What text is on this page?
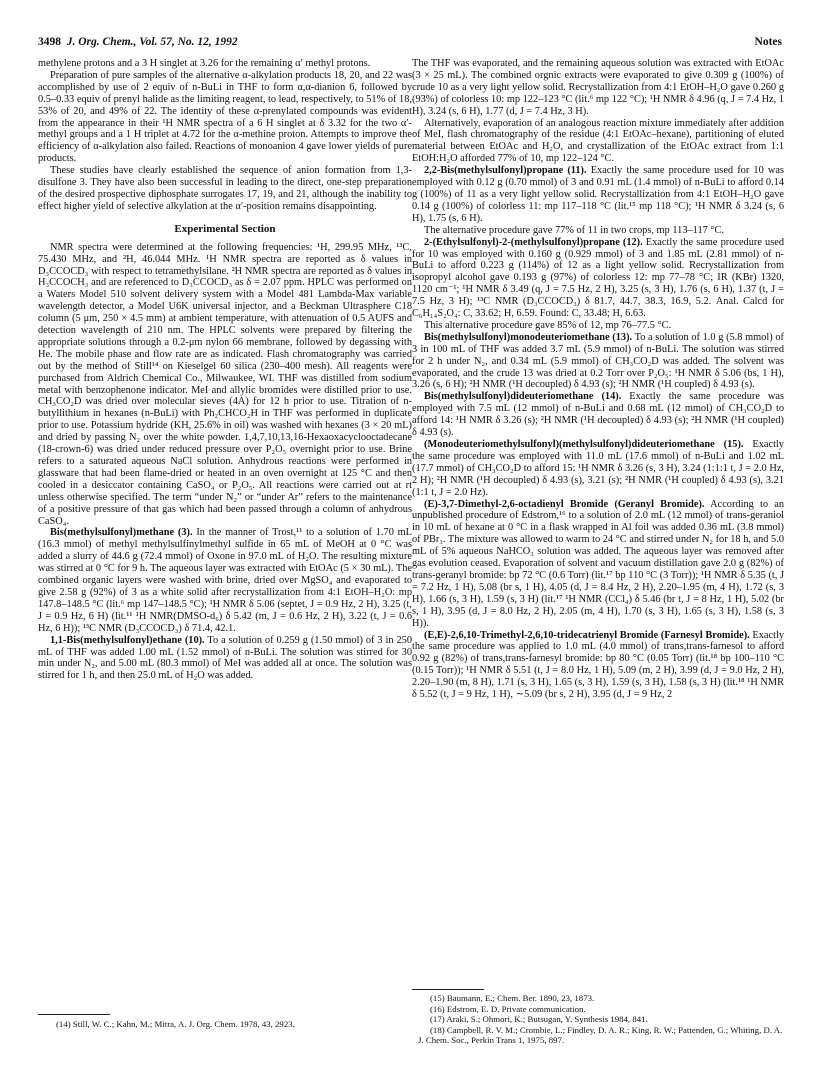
3498 J. Org. Chem., Vol. 57, No. 12, 1992	Notes

methylene protons and a 3 H singlet at 3.26 for the remaining α′ methyl protons.

Preparation of pure samples of the alternative α-alkylation products 18, 20, and 22 was accomplished by use of 2 equiv of n-BuLi in THF to form α,α-dianion 6, followed by 0.5–0.33 equiv of prenyl halide as the limiting reagent, to lead, respectively, to 51% of 18, 53% of 20, and 49% of 22. The identity of these α-prenylated compounds was evident from the appearance in their ¹H NMR spectra of a 6 H singlet at δ 3.32 for the two α′-methyl groups and a 1 H triplet at 4.72 for the α-methine proton. Attempts to improve the efficiency of α-alkylation also failed. Reactions of monoanion 4 gave lower yields of pure products.

These studies have clearly established the sequence of anion formation from 1,3-disulfone 3. They have also been successful in leading to the direct, one-step preparation of the desired prospective diphosphate surrogates 17, 19, and 21, although the inability to effect higher yield of selective alkylation at the α′-position remains disappointing.

Experimental Section

NMR spectra were determined at the following frequencies: ¹H, 299.95 MHz, ¹³C, 75.430 MHz, and ²H, 46.044 MHz. ¹H NMR spectra are reported as δ values in D₃CCOCD₃ with respect to tetramethylsilane. ²H NMR spectra are reported as δ values in H₃CCOCH₃ and are referenced to D₃CCOCD₃ as δ = 2.07 ppm. HPLC was performed on a Waters Model 510 solvent delivery system with a Model 481 Lambda-Max variable wavelength detector, a Model U6K universal injector, and a Beckman Ultrasphere C18 column (5 μm, 250 × 4.5 mm) at ambient temperature, with attenuation of 0.5 AUFS and detection wavelength of 210 nm. The HPLC solvents were prepared by filtering the appropriate solutions through a 0.2-μm nylon 66 membrane, followed by degassing with He. The mobile phase and flow rate are as indicated. Flash chromatography was carried out by the method of Still¹⁴ on Kieselgel 60 silica (230–400 mesh). All reagents were purchased from Aldrich Chemical Co., Milwaukee, WI. THF was distilled from sodium metal with benzophenone indicator. MeI and allylic bromides were distilled prior to use. CH₃CO₂D was dried over molecular sieves (4A) for 12 h prior to use. Titration of n-butyllithium in hexanes (n-BuLi) with Ph₂CHCO₂H in THF was performed in duplicate prior to use. Potassium hydride (KH, 25.6% in oil) was washed with hexanes (3 × 20 mL) and dried by passing N₂ over the white powder. 1,4,7,10,13,16-Hexaoxacyclooctadecane (18-crown-6) was dried under reduced pressure over P₂O₅ overnight prior to use. Brine refers to a saturated aqueous NaCl solution. Anhydrous reactions were performed in glassware that had been flame-dried or heated in an oven overnight at 125 °C and then cooled in a desiccator containing CaSO₄ or P₂O₅. All reactions were carried out at rt unless otherwise specified. The term “under N₂” or “under Ar” refers to the maintenance of a positive pressure of that gas which had been passed through a column of anhydrous CaSO₄.

Bis(methylsulfonyl)methane (3). In the manner of Trost,¹¹ to a solution of 1.70 mL (16.3 mmol) of methyl methylsulfinylmethyl sulfide in 65 mL of MeOH at 0 °C was added a slurry of 44.6 g (72.4 mmol) of Oxone in 97.0 mL of H₂O. The resulting mixture was stirred at 0 °C for 9 h. The aqueous layer was extracted with EtOAc (5 × 30 mL). The combined organic layers were washed with brine, dried over MgSO₄ and evaporated to give 2.58 g (92%) of 3 as a white solid after recrystallization from 4:1 EtOH–H₂O: mp 147.8–148.5 °C (lit.⁶ mp 147–148.5 °C); ¹H NMR δ 5.06 (septet, J = 0.9 Hz, 2 H), 3.25 (t, J = 0.9 Hz, 6 H) (lit.¹¹ ¹H NMR(DMSO-d₆) δ 5.42 (m, J = 0.6 Hz, 2 H), 3.22 (t, J = 0.6 Hz, 6 H)); ¹³C NMR (D₃CCOCD₃) δ 71.4, 42.1.

1,1-Bis(methylsulfonyl)ethane (10). To a solution of 0.259 g (1.50 mmol) of 3 in 250 mL of THF was added 1.00 mL (1.52 mmol) of n-BuLi. The solution was stirred for 30 min under N₂, and 5.00 mL (80.3 mmol) of MeI was added all at once. The solution was stirred for 1 h, and then 25.0 mL of H₂O was added.

The THF was evaporated, and the remaining aqueous solution was extracted with EtOAc (3 × 25 mL). The combined orgnic extracts were evaporated to give 0.309 g (100%) of crude 10 as a very light yellow solid. Recrystallization from 4:1 EtOH–H₂O gave 0.260 g (93%) of colorless 10: mp 122–123 °C (lit.⁶ mp 122 °C); ¹H NMR δ 4.96 (q, J = 7.4 Hz, 1 H), 3.24 (s, 6 H), 1.77 (d, J = 7.4 Hz, 3 H).

Alternatively, evaporation of an analogous reaction mixture immediately after addition of MeI, flash chromatography of the residue (4:1 EtOAc–hexane), partitioning of eluted material between EtOAc and H₂O, and crystallization of the EtOAc extract from 1:1 EtOH:H₂O afforded 77% of 10, mp 122–124 °C.

2,2-Bis(methylsulfonyl)propane (11). Exactly the same procedure used for 10 was employed with 0.12 g (0.70 mmol) of 3 and 0.91 mL (1.4 mmol) of n-BuLi to afford 0.14 g (100%) of 11 as a very light yellow solid. Recrystallization from 4:1 EtOH–H₂O gave 0.14 g (100%) of colorless 11: mp 117–118 °C (lit.¹⁵ mp 118 °C); ¹H NMR δ 3.24 (s, 6 H), 1.75 (s, 6 H).

The alternative procedure gave 77% of 11 in two crops, mp 113–117 °C.

2-(Ethylsulfonyl)-2-(methylsulfonyl)propane (12). Exactly the same procedure used for 10 was employed with 0.160 g (0.929 mmol) of 3 and 1.85 mL (2.81 mmol) of n-BuLi to afford 0.223 g (114%) of 12 as a light yellow solid. Recrystallization from isopropyl alcohol gave 0.193 g (97%) of colorless 12: mp 77–78 °C; IR (KBr) 1320, 1120 cm⁻¹; ¹H NMR δ 3.49 (q, J = 7.5 Hz, 2 H), 3.25 (s, 3 H), 1.76 (s, 6 H), 1.37 (t, J = 7.5 Hz, 3 H); ¹³C NMR (D₃CCOCD₃) δ 81.7, 44.7, 38.3, 16.9, 5.2. Anal. Calcd for C₆H₁₄S₂O₄: C, 33.62; H, 6.59. Found: C, 33.48; H, 6.63.

This alternative procedure gave 85% of 12, mp 76–77.5 °C.

Bis(methylsulfonyl)monodeuteriomethane (13). To a solution of 1.0 g (5.8 mmol) of 3 in 100 mL of THF was added 3.7 mL (5.9 mmol) of n-BuLi. The solution was stirred for 2 h under N₂, and 0.34 mL (5.9 mmol) of CH₃CO₂D was added. The solvent was evaporated, and the crude 13 was dried at 0.2 Torr over P₂O₅: ¹H NMR δ 5.06 (bs, 1 H), 3.26 (s, 6 H); ²H NMR (¹H decoupled) δ 4.93 (s); ²H NMR (¹H coupled) δ 4.93 (s).

Bis(methylsulfonyl)dideuteriomethane (14). Exactly the same procedure was employed with 7.5 mL (12 mmol) of n-BuLi and 0.68 mL (12 mmol) of CH₃CO₂D to afford 14: ¹H NMR δ 3.26 (s); ²H NMR (¹H decoupled) δ 4.93 (s); ²H NMR (¹H coupled) δ 4.93 (s).

(Monodeuteriomethylsulfonyl)(methylsulfonyl)dideuteriomethane (15). Exactly the same procedure was employed with 11.0 mL (17.6 mmol) of n-BuLi and 1.02 mL (17.7 mmol) of CH₃CO₂D to afford 15: ¹H NMR δ 3.26 (s, 3 H), 3.24 (1:1:1 t, J = 2.0 Hz, 2 H); ²H NMR (¹H decoupled) δ 4.93 (s), 3.21 (s); ²H NMR (¹H coupled) δ 4.93 (s), 3.21 (1:1 t, J = 2.0 Hz).

(E)-3,7-Dimethyl-2,6-octadienyl Bromide (Geranyl Bromide). According to an unpublished procedure of Edstrom,¹⁶ to a solution of 2.0 mL (12 mmol) of trans-geraniol in 10 mL of hexane at 0 °C in a flask wrapped in Al foil was added 0.36 mL (3.8 mmol) of PBr₃. The mixture was allowed to warm to 24 °C and stirred under N₂ for 18 h, and 5.0 mL of 5% aqueous NaHCO₃ solution was added. The aqueous layer was removed after gas evolution ceased. Evaporation of solvent and vacuum distillation gave 2.0 g (82%) of trans-geranyl bromide: bp 72 °C (0.6 Torr) (lit.¹⁷ bp 110 °C (3 Torr)); ¹H NMR δ 5.35 (t, J = 7.2 Hz, 1 H), 5.08 (br s, 1 H), 4.05 (d, J = 8.4 Hz, 2 H), 2.20–1.95 (m, 4 H), 1.72 (s, 3 H), 1.66 (s, 3 H), 1.59 (s, 3 H) (lit.¹⁷ ¹H NMR (CCl₄) δ 5.46 (br t, J = 8 Hz, 1 H), 5.02 (br s, 1 H), 3.95 (d, J = 8.0 Hz, 2 H), 2.05 (m, 4 H), 1.70 (s, 3 H), 1.65 (s, 3 H), 1.58 (s, 3 H)).

(E,E)-2,6,10-Trimethyl-2,6,10-tridecatrienyl Bromide (Farnesyl Bromide). Exactly the same procedure was applied to 1.0 mL (4.0 mmol) of trans,trans-farnesol to afford 0.92 g (82%) of trans,trans-farnesyl bromide: bp 80 °C (0.05 Torr) (lit.¹⁸ bp 100–110 °C (0.15 Torr)); ¹H NMR δ 5.51 (t, J = 8.0 Hz, 1 H), 5.09 (m, 2 H), 3.99 (d, J = 9.0 Hz, 2 H), 2.20–1.90 (m, 8 H), 1.71 (s, 3 H), 1.65 (s, 3 H), 1.59 (s, 3 H), 1.58 (s, 3 H) (lit.¹⁸ ¹H NMR δ 5.52 (t, J = 9 Hz, 1 H), ∼5.09 (br s, 2 H), 3.95 (d, J = 9 Hz, 2

(15) Baumann, E.; Chem. Ber. 1890, 23, 1873.

(16) Edstrom, E. D. Private communication.

(17) Araki, S.; Ohmori, K.; Butsugan, Y. Synthesis 1984, 841.

(18) Campbell, R. V. M.; Crombie, L.; Findley, D. A. R.; King, R. W.; Pattenden, G.; Whiting, D. A. J. Chem. Soc., Perkin Trans 1, 1975, 897.

(14) Still, W. C.; Kahn, M.; Mitra, A. J. Org. Chem. 1978, 43, 2923.
